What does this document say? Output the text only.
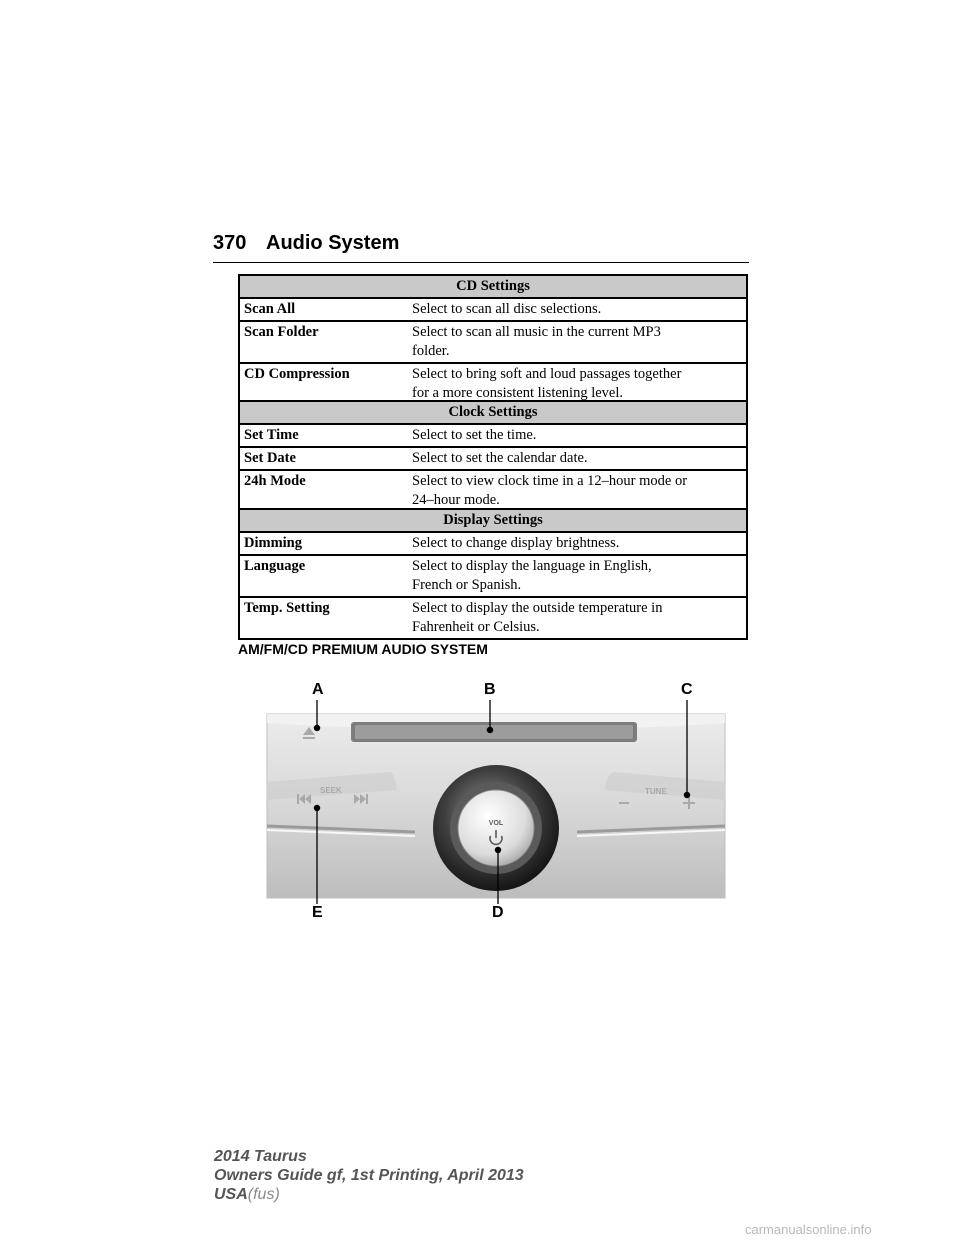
370 Audio System
CD Settings	
Scan All	Select to scan all disc selections.
Scan Folder	Select to scan all music in the current MP3
folder.
CD Compression	Select to bring soft and loud passages together
for a more consistent listening level.
Clock Settings	
Set Time	Select to set the time.
Set Date	Select to set the calendar date.
24h Mode	Select to view clock time in a 12–hour mode or
24–hour mode.
Display Settings	
Dimming	Select to change display brightness.
Language	Select to display the language in English,
French or Spanish.
Temp. Setting	Select to display the outside temperature in
Fahrenheit or Celsius.
AM/FM/CD PREMIUM AUDIO SYSTEM
SEEK	TUNE
VOL
A	B	C
D
E
2014 Taurus
Owners Guide gf, 1st Printing, April 2013
USA(fus)
carmanualsonline.info
